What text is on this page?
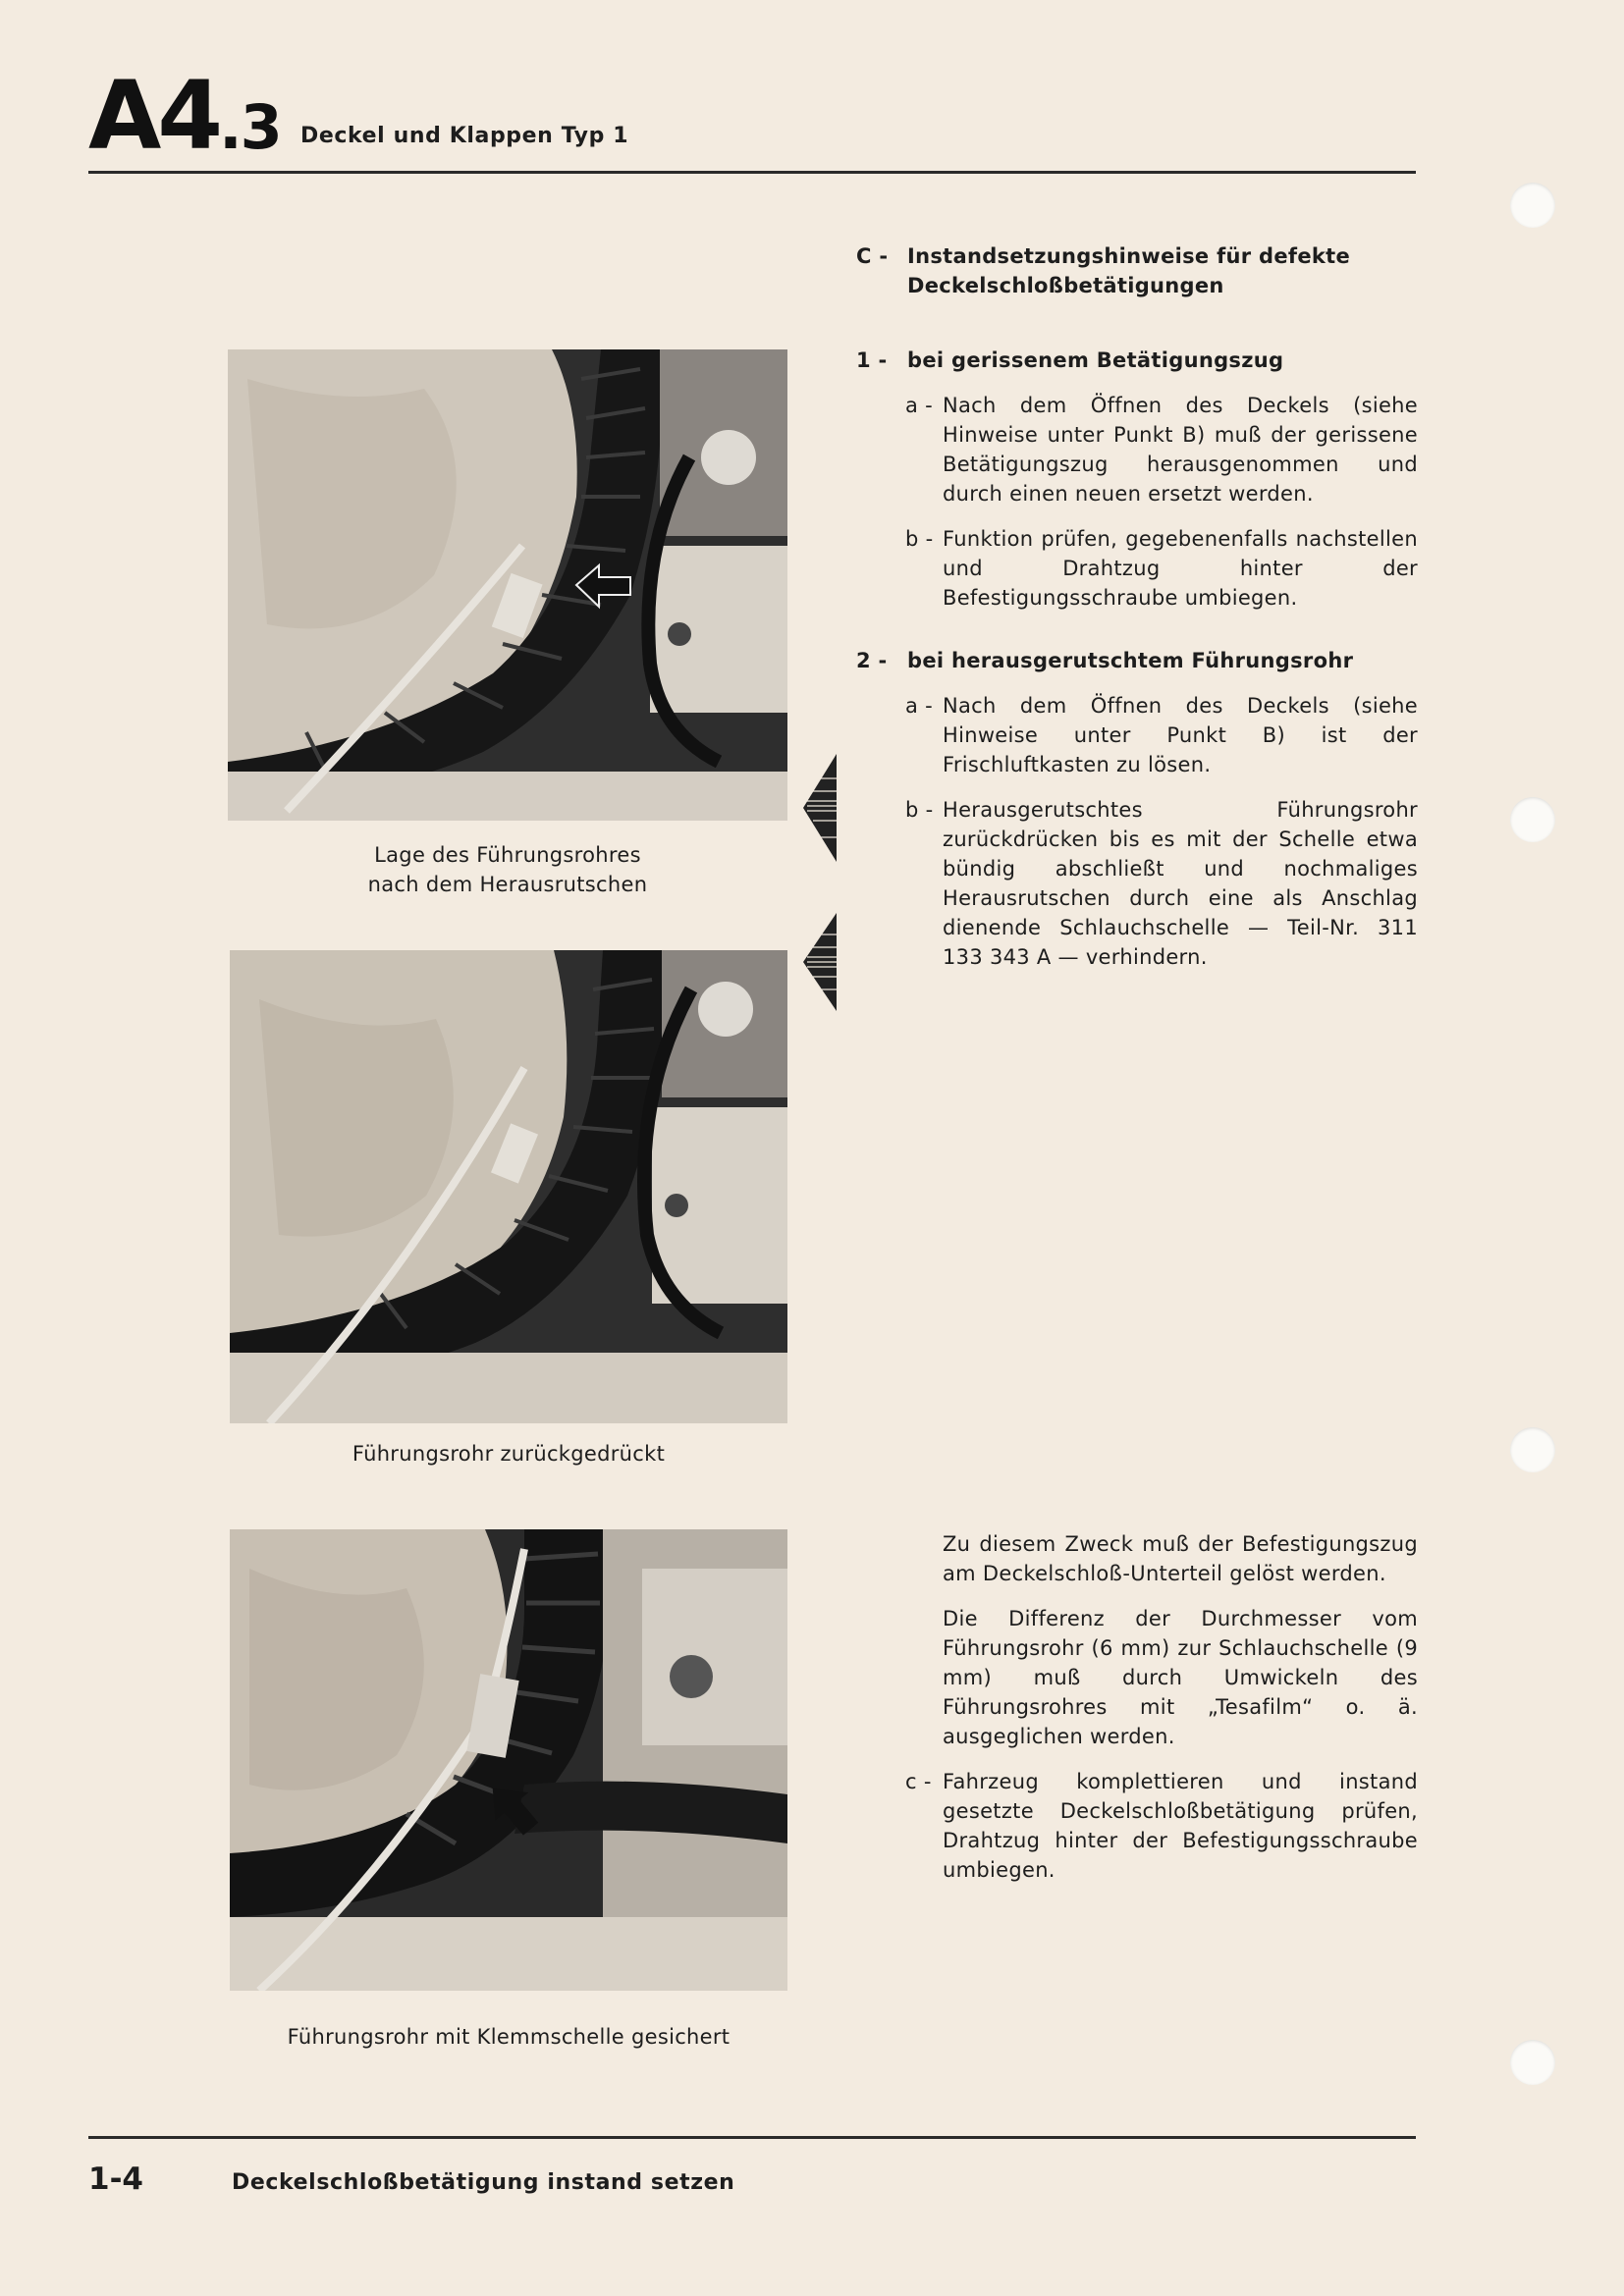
A4.3 Deckel und Klappen Typ 1
Lage des Führungsrohres
nach dem Herausrutschen
Führungsrohr zurückgedrückt
Führungsrohr mit Klemmschelle gesichert
C - Instandsetzungshinweise für defekte
Deckelschloßbetätigungen
1 - bei gerissenem Betätigungszug
a - Nach dem Öffnen des Deckels (siehe Hinweise unter Punkt B) muß der gerissene Betätigungszug herausgenommen und durch einen neuen ersetzt werden.
b - Funktion prüfen, gegebenenfalls nachstellen und Drahtzug hinter der Befestigungsschraube umbiegen.
2 - bei herausgerutschtem Führungsrohr
a - Nach dem Öffnen des Deckels (siehe Hinweise unter Punkt B) ist der Frischluftkasten zu lösen.
b - Herausgerutschtes Führungsrohr zurückdrücken bis es mit der Schelle etwa bündig abschließt und nochmaliges Herausrutschen durch eine als Anschlag dienende Schlauchschelle — Teil-Nr. 311 133 343 A — verhindern.
Zu diesem Zweck muß der Befestigungszug am Deckelschloß-Unterteil gelöst werden.
Die Differenz der Durchmesser vom Führungsrohr (6 mm) zur Schlauchschelle (9 mm) muß durch Umwickeln des Führungsrohres mit „Tesafilm“ o. ä. ausgeglichen werden.
c - Fahrzeug komplettieren und instand gesetzte Deckelschloßbetätigung prüfen, Drahtzug hinter der Befestigungsschraube umbiegen.
1-4	Deckelschloßbetätigung instand setzen
